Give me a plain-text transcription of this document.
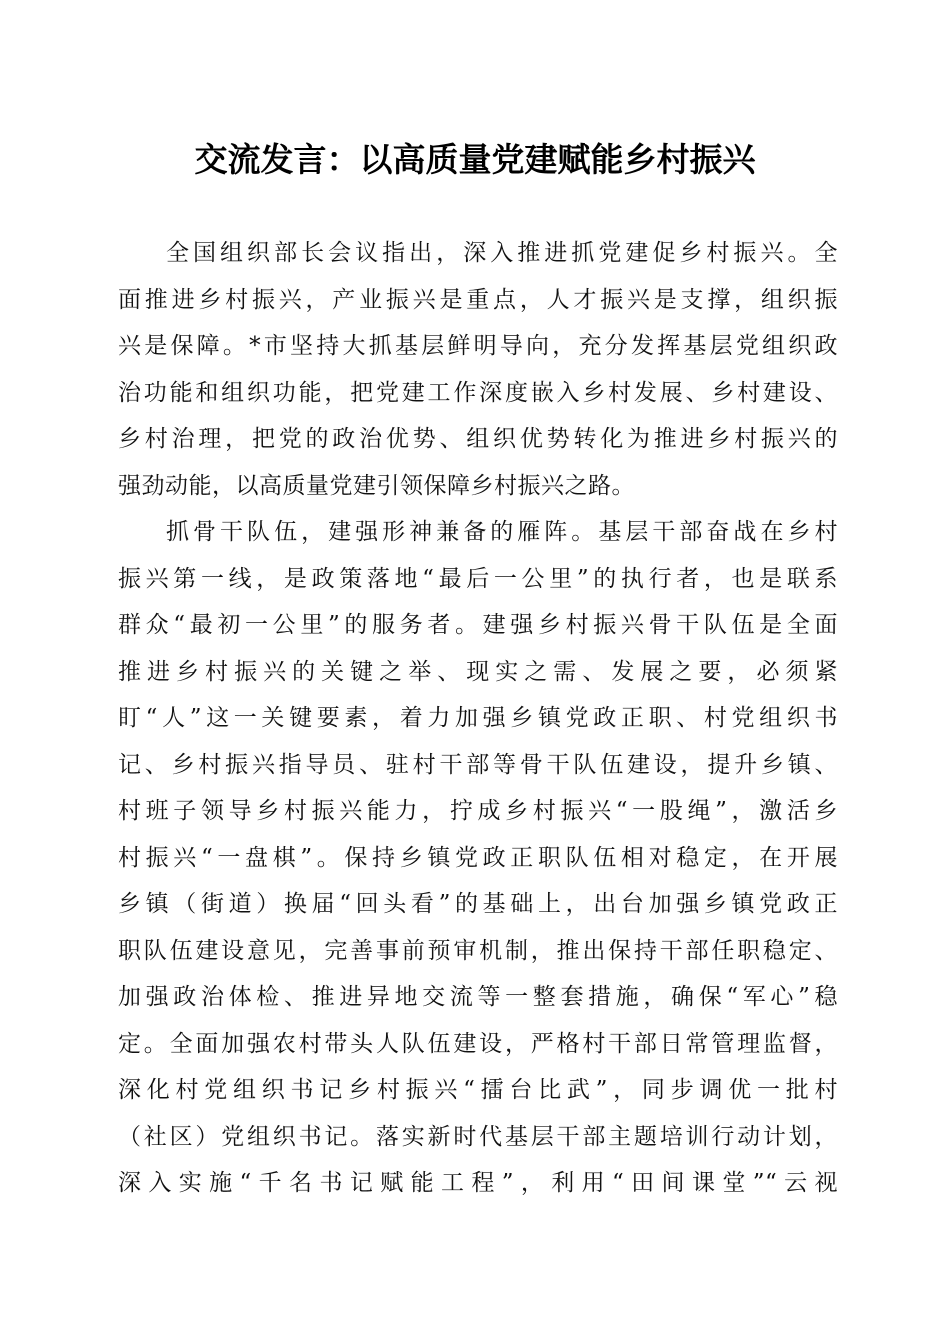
交流发言：以高质量党建赋能乡村振兴
全国组织部长会议指出，深入推进抓党建促乡村振兴。全
面推进乡村振兴，产业振兴是重点，人才振兴是支撑，组织振
兴是保障。*市坚持大抓基层鲜明导向，充分发挥基层党组织政
治功能和组织功能，把党建工作深度嵌入乡村发展、乡村建设、
乡村治理，把党的政治优势、组织优势转化为推进乡村振兴的
强劲动能，以高质量党建引领保障乡村振兴之路。
抓骨干队伍，建强形神兼备的雁阵。基层干部奋战在乡村
振兴第一线，是政策落地“最后一公里”的执行者，也是联系
群众“最初一公里”的服务者。建强乡村振兴骨干队伍是全面
推进乡村振兴的关键之举、现实之需、发展之要，必须紧
盯“人”这一关键要素，着力加强乡镇党政正职、村党组织书
记、乡村振兴指导员、驻村干部等骨干队伍建设，提升乡镇、
村班子领导乡村振兴能力，拧成乡村振兴“一股绳”，激活乡
村振兴“一盘棋”。保持乡镇党政正职队伍相对稳定，在开展
乡镇（街道）换届“回头看”的基础上，出台加强乡镇党政正
职队伍建设意见，完善事前预审机制，推出保持干部任职稳定、
加强政治体检、推进异地交流等一整套措施，确保“军心”稳
定。全面加强农村带头人队伍建设，严格村干部日常管理监督，
深化村党组织书记乡村振兴“擂台比武”，同步调优一批村
（社区）党组织书记。落实新时代基层干部主题培训行动计划，
深入实施“千名书记赋能工程”，利用“田间课堂”“云视
